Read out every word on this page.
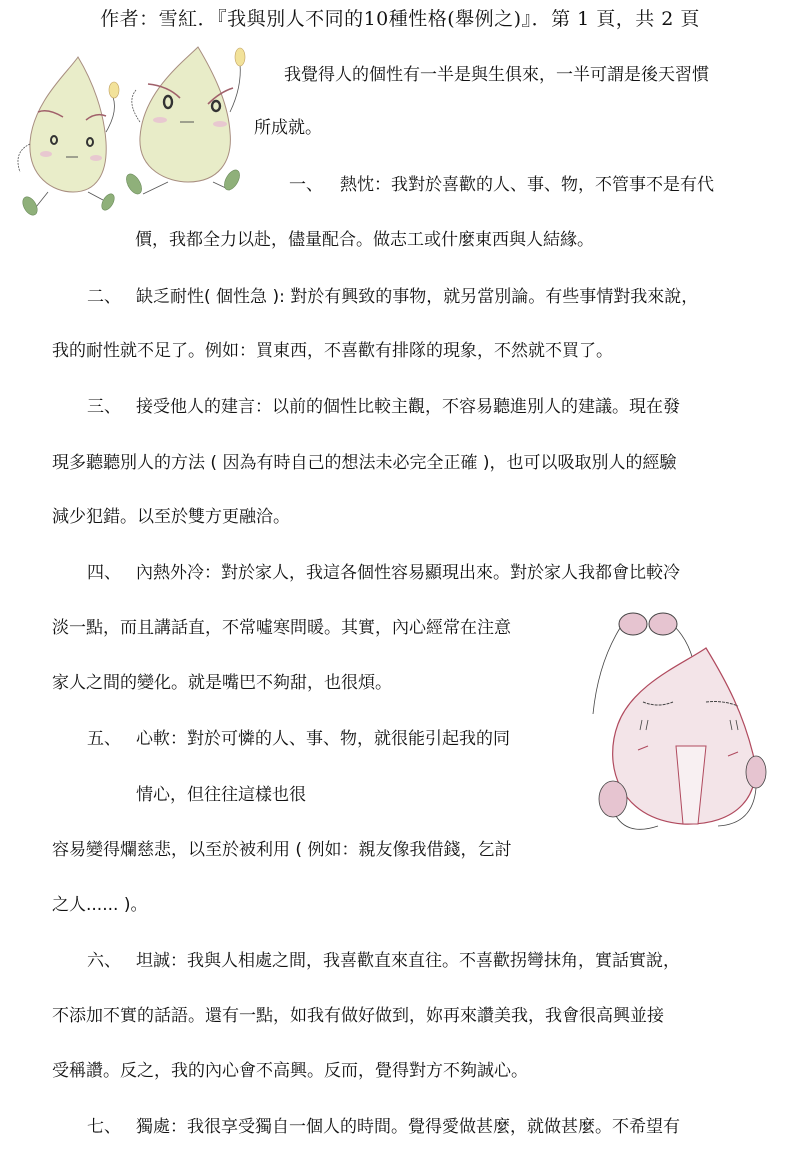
作者：雪紅．『我與別人不同的10種性格(舉例之)』．第 1 頁，共 2 頁
我覺得人的個性有一半是與生俱來，一半可謂是後天習慣
所成就。
一、 熱忱：我對於喜歡的人、事、物，不管事不是有代
價，我都全力以赴，儘量配合。做志工或什麼東西與人結緣。
二、 缺乏耐性( 個性急 ): 對於有興致的事物，就另當別論。有些事情對我來說，
我的耐性就不足了。例如：買東西，不喜歡有排隊的現象，不然就不買了。
三、 接受他人的建言：以前的個性比較主觀，不容易聽進別人的建議。現在發
現多聽聽別人的方法 ( 因為有時自己的想法未必完全正確 )，也可以吸取別人的經驗
減少犯錯。以至於雙方更融洽。
四、 內熱外冷：對於家人，我這各個性容易顯現出來。對於家人我都會比較冷
淡一點，而且講話直，不常噓寒問暖。其實，內心經常在注意
家人之間的變化。就是嘴巴不夠甜，也很煩。
五、 心軟：對於可憐的人、事、物，就很能引起我的同
情心，但往往這樣也很
容易變得爛慈悲，以至於被利用 ( 例如：親友像我借錢，乞討
之人...... )。
六、 坦誠：我與人相處之間，我喜歡直來直往。不喜歡拐彎抹角，實話實說，
不添加不實的話語。還有一點，如我有做好做到，妳再來讚美我，我會很高興並接
受稱讚。反之，我的內心會不高興。反而，覺得對方不夠誠心。
七、 獨處：我很享受獨自一個人的時間。覺得愛做甚麼，就做甚麼。不希望有
